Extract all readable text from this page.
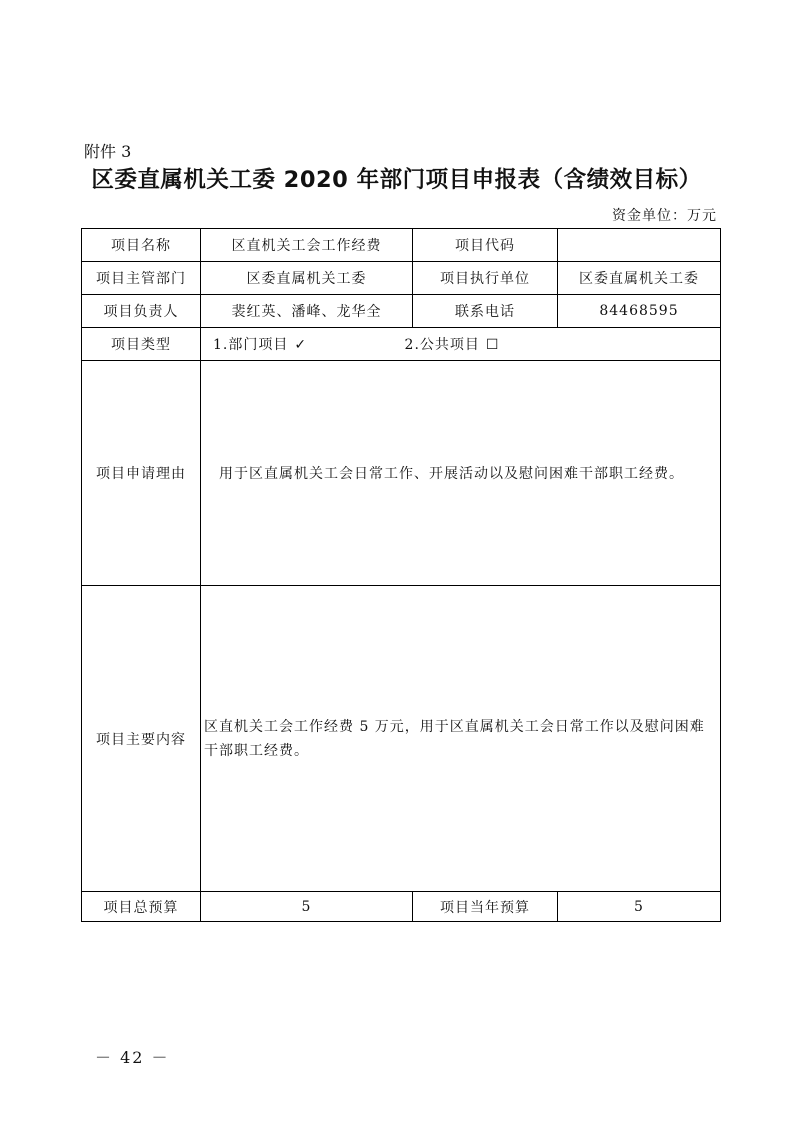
附件 3
区委直属机关工委 2020 年部门项目申报表（含绩效目标）
资金单位：万元
项目名称	区直机关工会工作经费	项目代码	
项目主管部门	区委直属机关工委	项目执行单位	区委直属机关工委
项目负责人	裴红英、潘峰、龙华全	联系电话	84468595
项目类型	1.部门项目 ✓ 2.公共项目 ☐		
项目申请理由	用于区直属机关工会日常工作、开展活动以及慰问困难干部职工经费。		
项目主要内容	区直机关工会工作经费 5 万元，用于区直属机关工会日常工作以及慰问困难干部职工经费。		
项目总预算	5	项目当年预算	5
－ 42 －
